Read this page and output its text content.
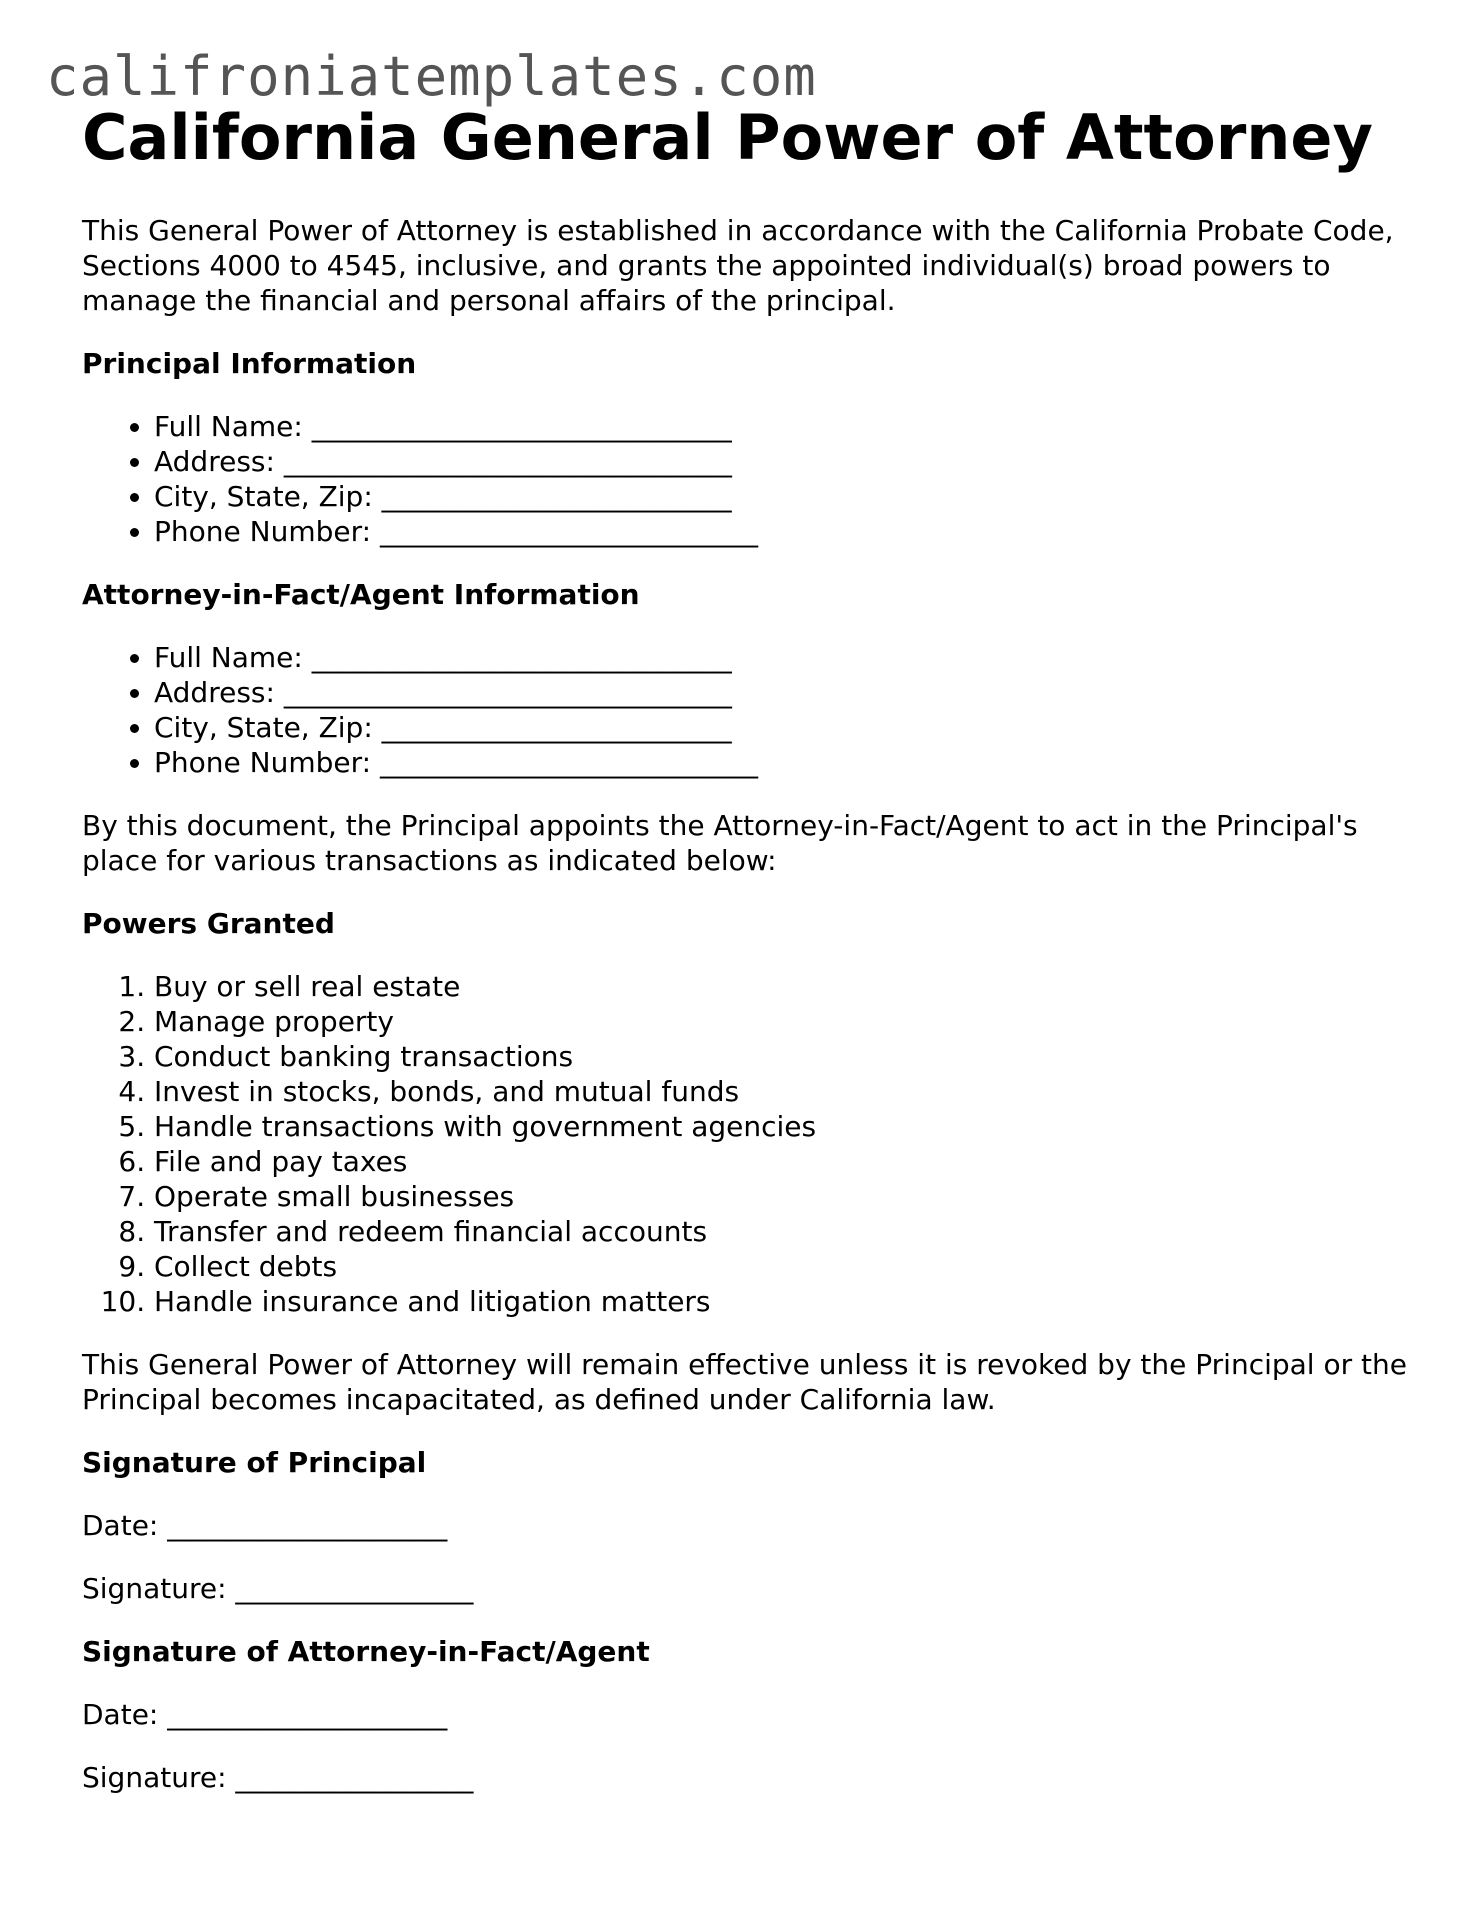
califroniatemplates.com
California General Power of Attorney

This General Power of Attorney is established in accordance with the California Probate Code, Sections 4000 to 4545, inclusive, and grants the appointed individual(s) broad powers to manage the financial and personal affairs of the principal.

Principal Information
• Full Name: ______________________________
• Address: ________________________________
• City, State, Zip: _________________________
• Phone Number: ___________________________
Attorney-in-Fact/Agent Information
• Full Name: ______________________________
• Address: ________________________________
• City, State, Zip: _________________________
• Phone Number: ___________________________

By this document, the Principal appoints the Attorney-in-Fact/Agent to act in the Principal's place for various transactions as indicated below:

Powers Granted
1. Buy or sell real estate
2. Manage property
3. Conduct banking transactions
4. Invest in stocks, bonds, and mutual funds
5. Handle transactions with government agencies
6. File and pay taxes
7. Operate small businesses
8. Transfer and redeem financial accounts
9. Collect debts
10. Handle insurance and litigation matters

This General Power of Attorney will remain effective unless it is revoked by the Principal or the Principal becomes incapacitated, as defined under California law.

Signature of Principal

Date: ____________________

Signature: _________________

Signature of Attorney-in-Fact/Agent

Date: ____________________

Signature: _________________
